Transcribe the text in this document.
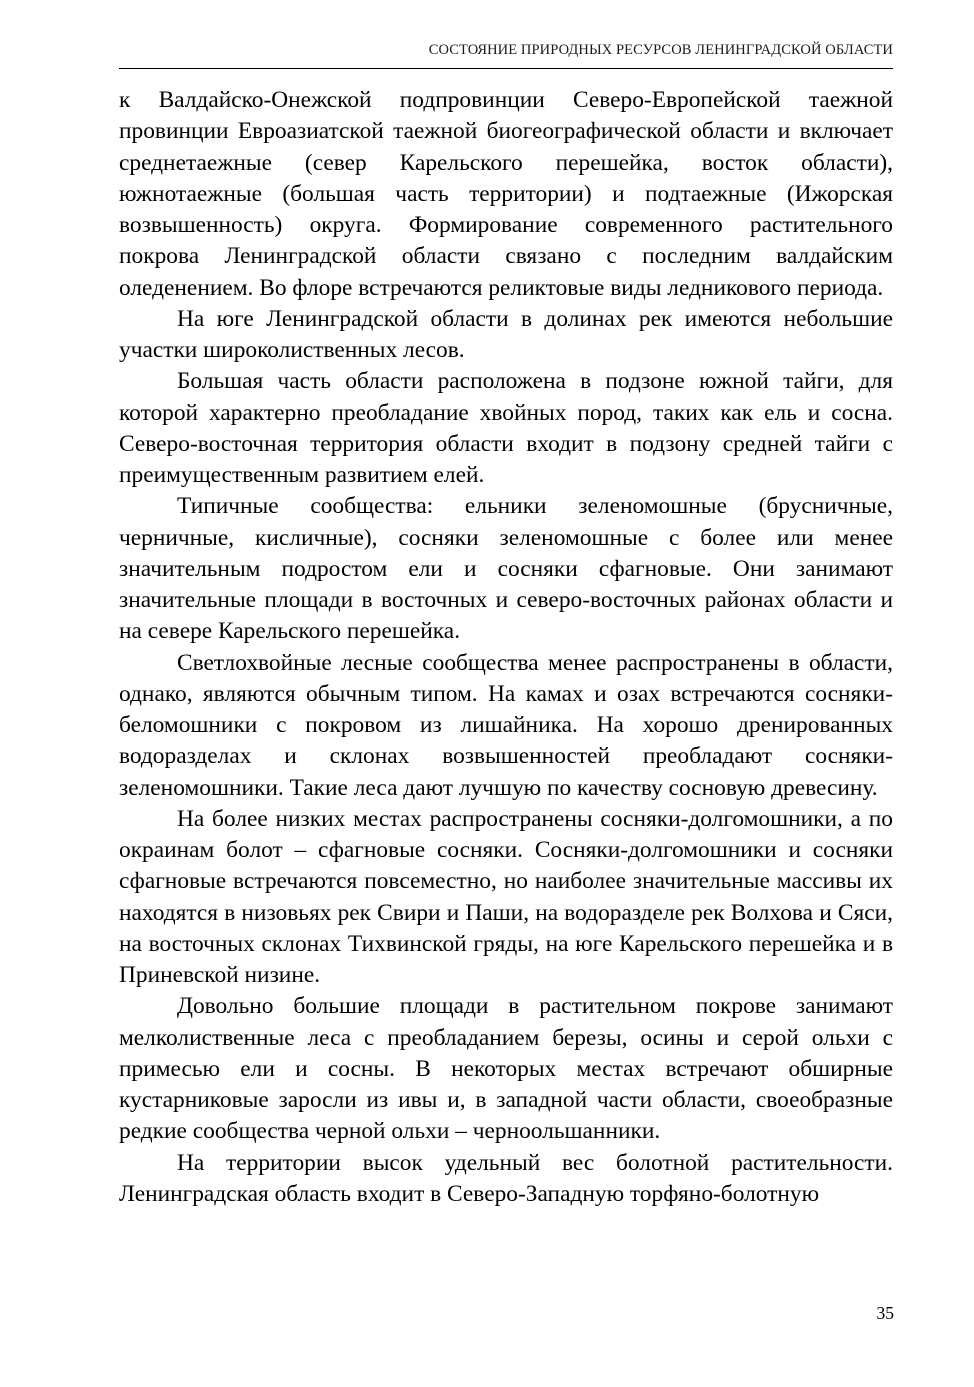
СОСТОЯНИЕ ПРИРОДНЫХ РЕСУРСОВ ЛЕНИНГРАДСКОЙ ОБЛАСТИ

к Валдайско-Онежской подпровинции Северо-Европейской таежной провинции Евроазиатской таежной биогеографической области и включает среднетаежные (север Карельского перешейка, восток области), южнотаежные (большая часть территории) и подтаежные (Ижорская возвышенность) округа. Формирование современного растительного покрова Ленинградской области связано с последним валдайским оледенением. Во флоре встречаются реликтовые виды ледникового периода.

На юге Ленинградской области в долинах рек имеются небольшие участки широколиственных лесов.

Большая часть области расположена в подзоне южной тайги, для которой характерно преобладание хвойных пород, таких как ель и сосна. Северо-восточная территория области входит в подзону средней тайги с преимущественным развитием елей.

Типичные сообщества: ельники зеленомошные (брусничные, черничные, кисличные), сосняки зеленомошные с более или менее значительным подростом ели и сосняки сфагновые. Они занимают значительные площади в восточных и северо-восточных районах области и на севере Карельского перешейка.

Светлохвойные лесные сообщества менее распространены в области, однако, являются обычным типом. На камах и озах встречаются сосняки-беломошники с покровом из лишайника. На хорошо дренированных водоразделах и склонах возвышенностей преобладают сосняки-зеленомошники. Такие леса дают лучшую по качеству сосновую древесину.

На более низких местах распространены сосняки-долгомошники, а по окраинам болот – сфагновые сосняки. Сосняки-долгомошники и сосняки сфагновые встречаются повсеместно, но наиболее значительные массивы их находятся в низовьях рек Свири и Паши, на водоразделе рек Волхова и Сяси, на восточных склонах Тихвинской гряды, на юге Карельского перешейка и в Приневской низине.

Довольно большие площади в растительном покрове занимают мелколиственные леса с преобладанием березы, осины и серой ольхи с примесью ели и сосны. В некоторых местах встречают обширные кустарниковые заросли из ивы и, в западной части области, своеобразные редкие сообщества черной ольхи – черноольшанники.

На территории высок удельный вес болотной растительности. Ленинградская область входит в Северо-Западную торфяно-болотную

35
